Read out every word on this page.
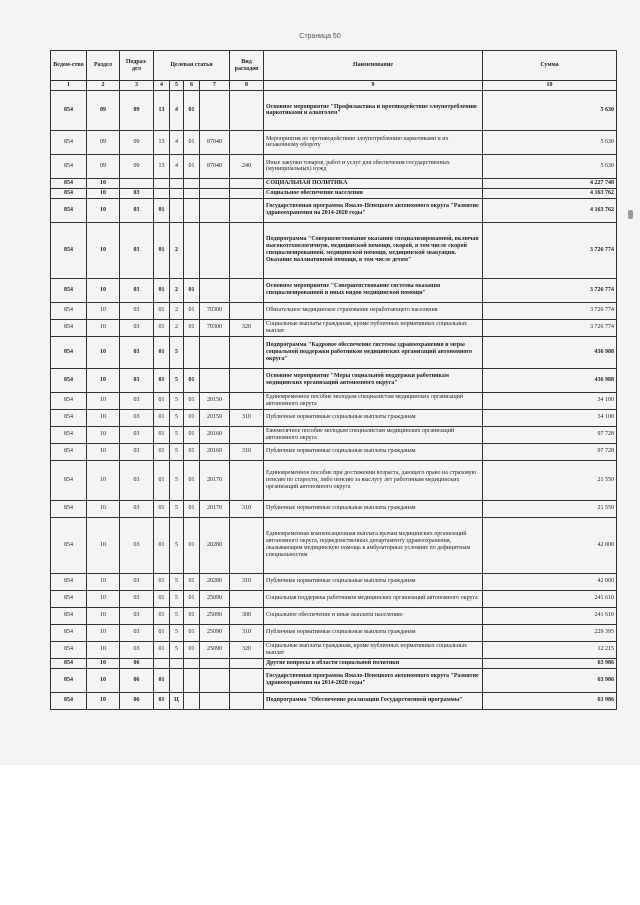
Страница 50
Ведом-ство	Раздел	Подраз-дел	Целевая статья				Вид расходов	Наименование	Сумма
1	2	3	4	5	6	7	8	9	10
854	09	09	13	4	01			Основное мероприятие "Профилактика и противодействие злоупотреблению наркотиками и алкоголем"	5 630
854	09	09	13	4	01	87040		Мероприятия по противодействию злоупотреблению наркотиками и их незаконному обороту	5 630
854	09	09	13	4	01	87040	240	Иные закупки товаров, работ и услуг для обеспечения государственных (муниципальных) нужд	5 630
854	10							СОЦИАЛЬНАЯ ПОЛИТИКА	4 227 748
854	10	03						Социальное обеспечение населения	4 163 762
854	10	03	01					Государственная программа Ямало-Ненецкого автономного округа "Развитие здравоохранения на 2014-2020 годы"	4 163 762
854	10	03	01	2				Подпрограмма "Совершенствование оказания специализированной, включая высокотехнологичную, медицинской помощи, скорой, в том числе скорой специализированной, медицинской помощи, медицинской эвакуации. Оказание паллиативной помощи, в том числе детям"	3 726 774
854	10	03	01	2	01			Основное мероприятие "Совершенствование системы оказания специализированной и иных видов медицинской помощи"	3 726 774
854	10	03	01	2	01	70300		Обязательное медицинское страхование неработающего населения	3 726 774
854	10	03	01	2	01	70300	320	Социальные выплаты гражданам, кроме публичных нормативных социальных выплат	3 726 774
854	10	03	01	5				Подпрограмма "Кадровое обеспечение системы здравоохранения и меры социальной поддержки работников медицинских организаций автономного округа"	436 988
854	10	03	01	5	01			Основное мероприятие "Меры социальной поддержки работникам медицинских организаций автономного округа"	436 988
854	10	03	01	5	01	20150		Единовременное пособие молодым специалистам медицинских организаций автономного округа	34 100
854	10	03	01	5	01	20150	310	Публичные нормативные социальные выплаты гражданам	34 100
854	10	03	01	5	01	20160		Ежемесячное пособие молодым специалистам медицинских организаций автономного округа	97 728
854	10	03	01	5	01	20160	310	Публичные нормативные социальные выплаты гражданам	97 728
854	10	03	01	5	01	20170		Единовременное пособие при достижении возраста, дающего право на страховую пенсию по старости, либо пенсию за выслугу лет работникам медицинских организаций автономного округа	21 550
854	10	03	01	5	01	20170	310	Публичные нормативные социальные выплаты гражданам	21 550
854	10	03	01	5	01	20280		Единовременная компенсационная выплата врачам медицинских организаций автономного округа, подведомственных департаменту здравоохранения, оказывающим медицинскую помощь в амбулаторных условиях по дефицитным специальностям	42 000
854	10	03	01	5	01	20280	310	Публичные нормативные социальные выплаты гражданам	42 000
854	10	03	01	5	01	25090		Социальная поддержка работников медицинских организаций автономного округа	241 610
854	10	03	01	5	01	25090	300	Социальное обеспечение и иные выплаты населению	241 610
854	10	03	01	5	01	25090	310	Публичные нормативные социальные выплаты гражданам	229 395
854	10	03	01	5	01	25090	320	Социальные выплаты гражданам, кроме публичных нормативных социальных выплат	12 215
854	10	06						Другие вопросы в области социальной политики	63 986
854	10	06	01					Государственная программа Ямало-Ненецкого автономного округа "Развитие здравоохранения на 2014-2020 годы"	63 986
854	10	06	01	Ц				Подпрограмма "Обеспечение реализации Государственной программы"	63 986
